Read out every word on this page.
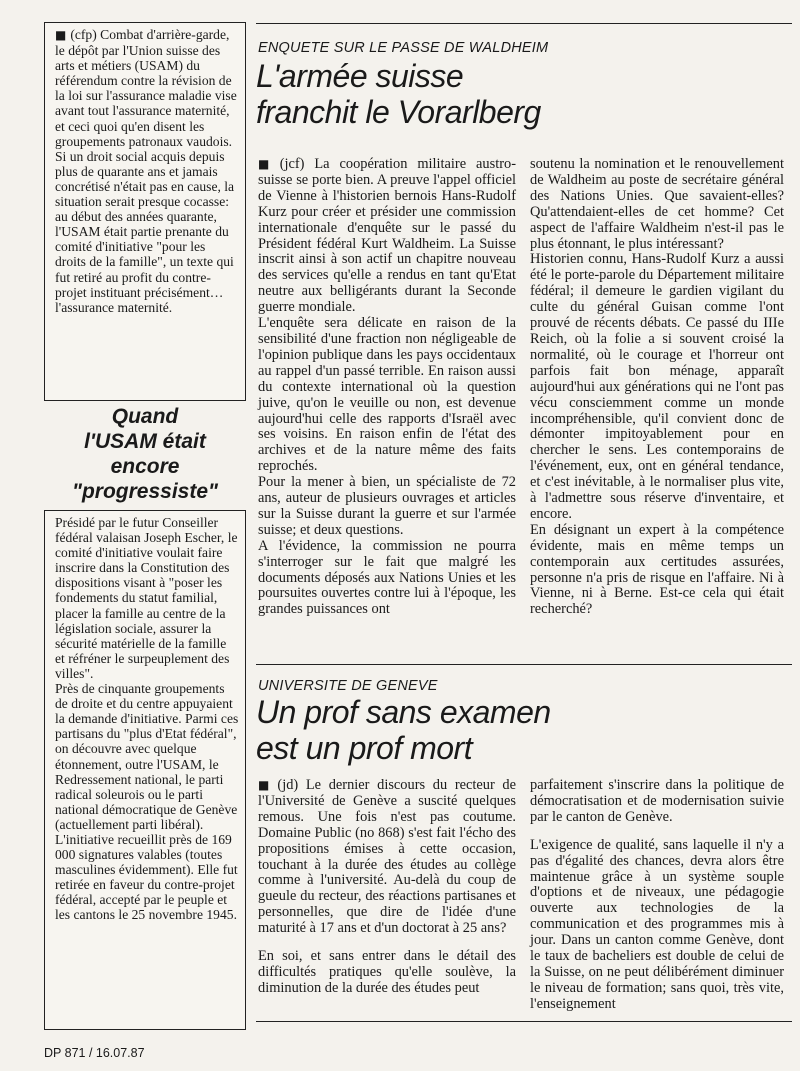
■ (cfp) Combat d'arrière-garde, le dépôt par l'Union suisse des arts et métiers (USAM) du référendum contre la révision de la loi sur l'assurance maladie vise avant tout l'assurance maternité, et ceci quoi qu'en disent les groupements patronaux vaudois. Si un droit social acquis depuis plus de quarante ans et jamais concrétisé n'était pas en cause, la situation serait presque cocasse: au début des années quarante, l'USAM était partie prenante du comité d'initiative "pour les droits de la famille", un texte qui fut retiré au profit du contre-projet instituant précisément… l'assurance maternité.
Quand
l'USAM était
encore
"progressiste"
Présidé par le futur Conseiller fédéral valaisan Joseph Escher, le comité d'initiative voulait faire inscrire dans la Constitution des dispositions visant à "poser les fondements du statut familial, placer la famille au centre de la législation sociale, assurer la sécurité matérielle de la famille et réfréner le surpeuplement des villes".
Près de cinquante groupements de droite et du centre appuyaient la demande d'initiative. Parmi ces partisans du "plus d'Etat fédéral", on découvre avec quelque étonnement, outre l'USAM, le Redressement national, le parti radical soleurois ou le parti national démocratique de Genève (actuellement parti libéral).
L'initiative recueillit près de 169 000 signatures valables (toutes masculines évidemment). Elle fut retirée en faveur du contre-projet fédéral, accepté par le peuple et les cantons le 25 novembre 1945.
ENQUETE SUR LE PASSE DE WALDHEIM
L'armée suisse
franchit le Vorarlberg

■ (jcf) La coopération militaire austro-suisse se porte bien. A preuve l'appel officiel de Vienne à l'historien bernois Hans-Rudolf Kurz pour créer et présider une commission internationale d'enquête sur le passé du Président fédéral Kurt Waldheim. La Suisse inscrit ainsi à son actif un chapitre nouveau des services qu'elle a rendus en tant qu'Etat neutre aux belligérants durant la Seconde guerre mondiale.

L'enquête sera délicate en raison de la sensibilité d'une fraction non négligeable de l'opinion publique dans les pays occidentaux au rappel d'un passé terrible. En raison aussi du contexte international où la question juive, qu'on le veuille ou non, est devenue aujourd'hui celle des rapports d'Israël avec ses voisins. En raison enfin de l'état des archives et de la nature même des faits reprochés.

Pour la mener à bien, un spécialiste de 72 ans, auteur de plusieurs ouvrages et articles sur la Suisse durant la guerre et sur l'armée suisse; et deux questions.

A l'évidence, la commission ne pourra s'interroger sur le fait que malgré les documents déposés aux Nations Unies et les poursuites ouvertes contre lui à l'époque, les grandes puissances ont

soutenu la nomination et le renouvellement de Waldheim au poste de secrétaire général des Nations Unies. Que savaient-elles? Qu'attendaient-elles de cet homme? Cet aspect de l'affaire Waldheim n'est-il pas le plus étonnant, le plus intéressant?

Historien connu, Hans-Rudolf Kurz a aussi été le porte-parole du Département militaire fédéral; il demeure le gardien vigilant du culte du général Guisan comme l'ont prouvé de récents débats. Ce passé du IIIe Reich, où la folie a si souvent croisé la normalité, où le courage et l'horreur ont parfois fait bon ménage, apparaît aujourd'hui aux générations qui ne l'ont pas vécu consciemment comme un monde incompréhensible, qu'il convient donc de démonter impitoyablement pour en chercher le sens. Les contemporains de l'événement, eux, ont en général tendance, et c'est inévitable, à le normaliser plus vite, à l'admettre sous réserve d'inventaire, et encore.

En désignant un expert à la compétence évidente, mais en même temps un contemporain aux certitudes assurées, personne n'a pris de risque en l'affaire. Ni à Vienne, ni à Berne. Est-ce cela qui était recherché?

UNIVERSITE DE GENEVE
Un prof sans examen
est un prof mort

■ (jd) Le dernier discours du recteur de l'Université de Genève a suscité quelques remous. Une fois n'est pas coutume. Domaine Public (no 868) s'est fait l'écho des propositions émises à cette occasion, touchant à la durée des études au collège comme à l'université. Au-delà du coup de gueule du recteur, des réactions partisanes et personnelles, que dire de l'idée d'une maturité à 17 ans et d'un doctorat à 25 ans?

En soi, et sans entrer dans le détail des difficultés pratiques qu'elle soulève, la diminution de la durée des études peut

parfaitement s'inscrire dans la politique de démocratisation et de modernisation suivie par le canton de Genève.

L'exigence de qualité, sans laquelle il n'y a pas d'égalité des chances, devra alors être maintenue grâce à un système souple d'options et de niveaux, une pédagogie ouverte aux technologies de la communication et des programmes mis à jour. Dans un canton comme Genève, dont le taux de bacheliers est double de celui de la Suisse, on ne peut délibérément diminuer le niveau de formation; sans quoi, très vite, l'enseignement

DP 871 / 16.07.87
